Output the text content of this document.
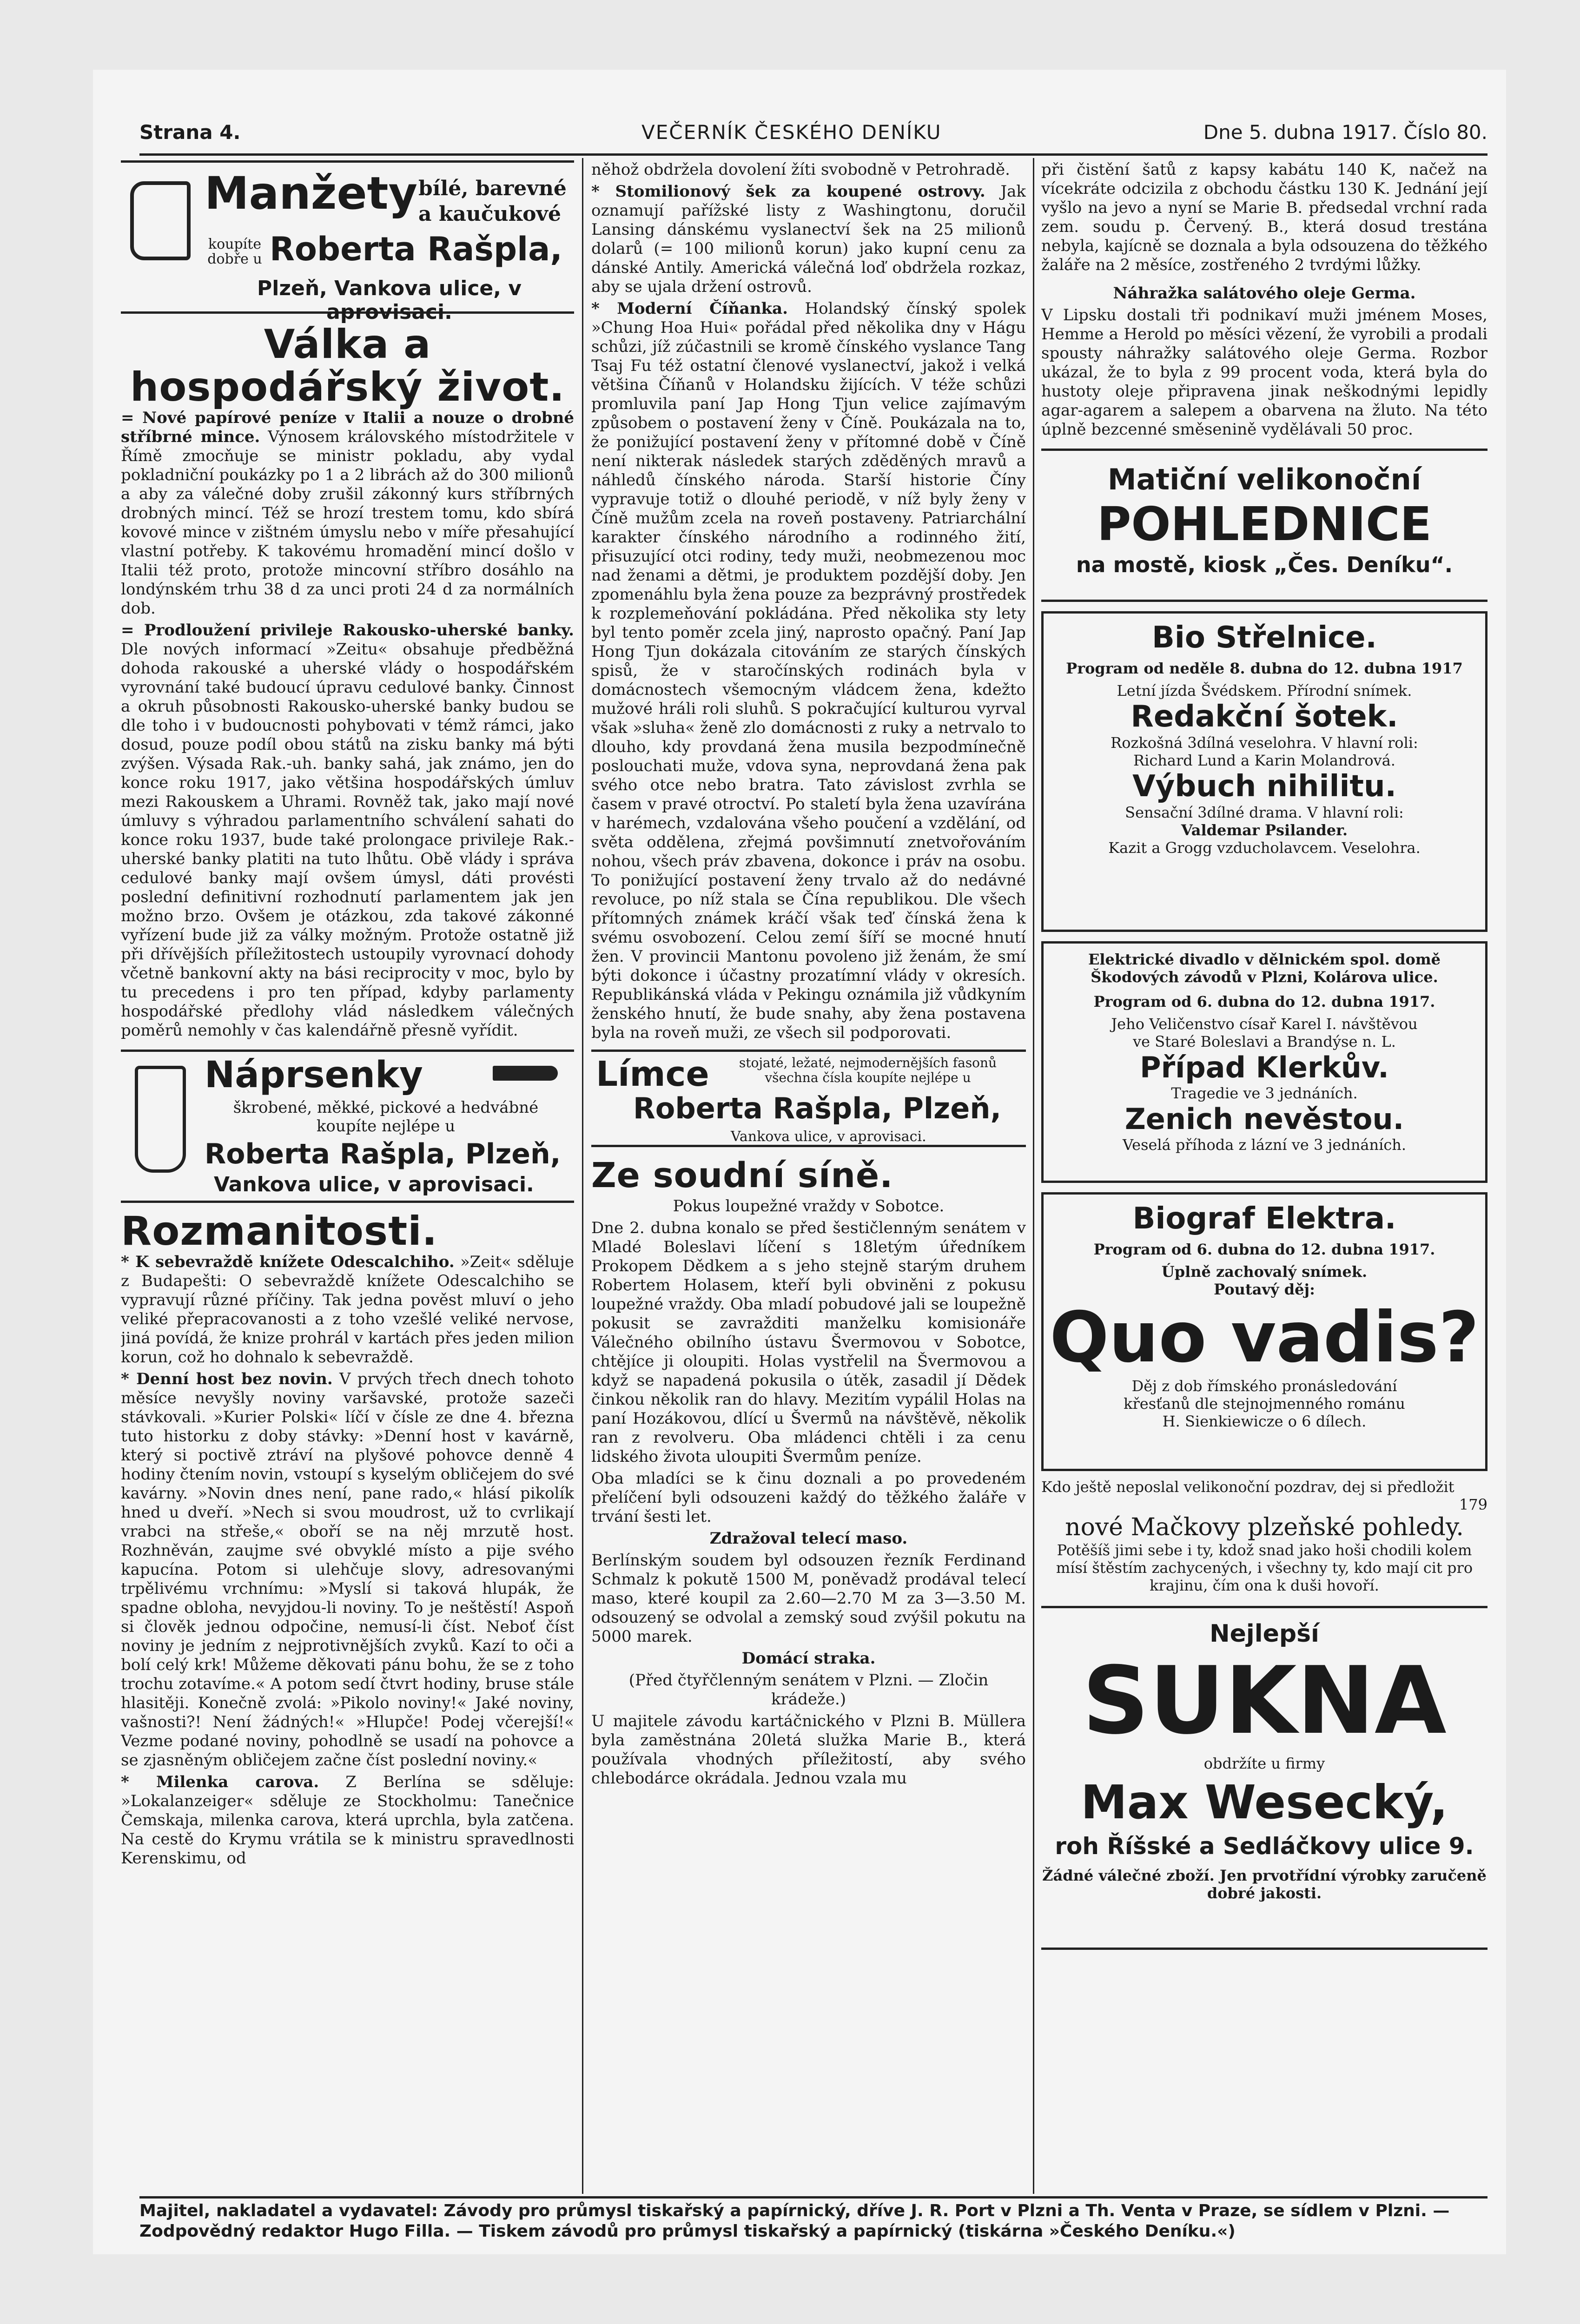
Strana 4.	VEČERNÍK ČESKÉHO DENÍKU	Dne 5. dubna 1917. Číslo 80.
Manžety bílé, barevné
a kaučukové
koupíte dobře u Roberta Rašpla,
Plzeň, Vankova ulice, v aprovisaci.
Válka a hospodářský život.

= Nové papírové peníze v Italii a nouze o drobné stříbrné mince. Výnosem královského místodržitele v Římě zmocňuje se ministr pokladu, aby vydal pokladniční poukázky po 1 a 2 librách až do 300 milionů a aby za válečné doby zrušil zákonný kurs stříbrných drobných mincí. Též se hrozí trestem tomu, kdo sbírá kovové mince v zištném úmyslu nebo v míře přesahující vlastní potřeby. K takovému hromadění mincí došlo v Italii též proto, protože mincovní stříbro dosáhlo na londýnském trhu 38 d za unci proti 24 d za normálních dob.

= Prodloužení privileje Rakousko-uherské banky. Dle nových informací »Zeitu« obsahuje předběžná dohoda rakouské a uherské vlády o hospodářském vyrovnání také budoucí úpravu cedulové banky. Činnost a okruh působnosti Rakousko-uherské banky budou se dle toho i v budoucnosti pohybovati v témž rámci, jako dosud, pouze podíl obou států na zisku banky má býti zvýšen. Výsada Rak.-uh. banky sahá, jak známo, jen do konce roku 1917, jako většina hospodářských úmluv mezi Rakouskem a Uhrami. Rovněž tak, jako mají nové úmluvy s výhradou parlamentního schválení sahati do konce roku 1937, bude také prolongace privileje Rak.-uherské banky platiti na tuto lhůtu. Obě vlády i správa cedulové banky mají ovšem úmysl, dáti provésti poslední definitivní rozhodnutí parlamentem jak jen možno brzo. Ovšem je otázkou, zda takové zákonné vyřízení bude již za války možným. Protože ostatně již při dřívějších příležitostech ustoupily vyrovnací dohody včetně bankovní akty na bási reciprocity v moc, bylo by tu precedens i pro ten případ, kdyby parlamenty hospodářské předlohy vlád následkem válečných poměrů nemohly v čas kalendářně přesně vyřídit.

Náprsenky
škrobené, měkké, pickové a hedvábné koupíte nejlépe u
Roberta Rašpla, Plzeň,
Vankova ulice, v aprovisaci.
Rozmanitosti.

* K sebevraždě knížete Odescalchiho. »Zeit« sděluje z Budapešti: O sebevraždě knížete Odescalchiho se vypravují různé příčiny. Tak jedna pověst mluví o jeho veliké přepracovanosti a z toho vzešlé veliké nervose, jiná povídá, že knize prohrál v kartách přes jeden milion korun, což ho dohnalo k sebevraždě.

* Denní host bez novin. V prvých třech dnech tohoto měsíce nevyšly noviny varšavské, protože sazeči stávkovali. »Kurier Polski« líčí v čísle ze dne 4. března tuto historku z doby stávky: »Denní host v kavárně, který si poctivě ztráví na plyšové pohovce denně 4 hodiny čtením novin, vstoupí s kyselým obličejem do své kavárny. »Novin dnes není, pane rado,« hlásí pikolík hned u dveří. »Nech si svou moudrost, už to cvrlikají vrabci na střeše,« oboří se na něj mrzutě host. Rozhněván, zaujme své obvyklé místo a pije svého kapucína. Potom si ulehčuje slovy, adresovanými trpělivému vrchnímu: »Myslí si taková hlupák, že spadne obloha, nevyjdou-li noviny. To je neštěstí! Aspoň si člověk jednou odpočine, nemusí-li číst. Neboť číst noviny je jedním z nejprotivnějších zvyků. Kazí to oči a bolí celý krk! Můžeme děkovati pánu bohu, že se z toho trochu zotavíme.« A potom sedí čtvrt hodiny, bruse stále hlasitěji. Konečně zvolá: »Pikolo noviny!« Jaké noviny, vašnosti?! Není žádných!« »Hlupče! Podej včerejší!« Vezme podané noviny, pohodlně se usadí na pohovce a se zjasněným obličejem začne číst poslední noviny.«

* Milenka carova. Z Berlína se sděluje: »Lokalanzeiger« sděluje ze Stockholmu: Tanečnice Čemskaja, milenka carova, která uprchla, byla zatčena. Na cestě do Krymu vrátila se k ministru spravedlnosti Kerenskimu, od

něhož obdržela dovolení žíti svobodně v Petrohradě.

* Stomilionový šek za koupené ostrovy. Jak oznamují pařížské listy z Washingtonu, doručil Lansing dánskému vyslanectví šek na 25 milionů dolarů (= 100 milionů korun) jako kupní cenu za dánské Antily. Americká válečná loď obdržela rozkaz, aby se ujala držení ostrovů.

* Moderní Číňanka. Holandský čínský spolek »Chung Hoa Hui« pořádal před několika dny v Hágu schůzi, jíž zúčastnili se kromě čínského vyslance Tang Tsaj Fu též ostatní členové vyslanectví, jakož i velká většina Číňanů v Holandsku žijících. V téže schůzi promluvila paní Jap Hong Tjun velice zajímavým způsobem o postavení ženy v Číně. Poukázala na to, že ponižující postavení ženy v přítomné době v Číně není nikterak následek starých zděděných mravů a náhledů čínského národa. Starší historie Číny vypravuje totiž o dlouhé periodě, v níž byly ženy v Číně mužům zcela na roveň postaveny. Patriarchální karakter čínského národního a rodinného žití, přisuzující otci rodiny, tedy muži, neobmezenou moc nad ženami a dětmi, je produktem pozdější doby. Jen zpomenáhlu byla žena pouze za bezprávný prostředek k rozplemeňování pokládána. Před několika sty lety byl tento poměr zcela jiný, naprosto opačný. Paní Jap Hong Tjun dokázala citováním ze starých čínských spisů, že v staročínských rodinách byla v domácnostech všemocným vládcem žena, kdežto mužové hráli roli sluhů. S pokračující kulturou vyrval však »sluha« ženě zlo domácnosti z ruky a netrvalo to dlouho, kdy provdaná žena musila bezpodmínečně poslouchati muže, vdova syna, neprovdaná žena pak svého otce nebo bratra. Tato závislost zvrhla se časem v pravé otroctví. Po staletí byla žena uzavírána v harémech, vzdalována všeho poučení a vzdělání, od světa oddělena, zřejmá povšimnutí znetvořováním nohou, všech práv zbavena, dokonce i práv na osobu. To ponižující postavení ženy trvalo až do nedávné revoluce, po níž stala se Čína republikou. Dle všech přítomných známek kráčí však teď čínská žena k svému osvobození. Celou zemí šíří se mocné hnutí žen. V provincii Mantonu povoleno již ženám, že smí býti dokonce i účastny prozatímní vlády v okresích. Republikánská vláda v Pekingu oznámila již vůdkyním ženského hnutí, že bude snahy, aby žena postavena byla na roveň muži, ze všech sil podporovati.

Límce	stojaté, ležaté, nejmodernějších fasonů všechna čísla koupíte nejlépe u
Roberta Rašpla, Plzeň,
Vankova ulice, v aprovisaci.
Ze soudní síně.

Pokus loupežné vraždy v Sobotce.

Dne 2. dubna konalo se před šestičlenným senátem v Mladé Boleslavi líčení s 18letým úředníkem Prokopem Dědkem a s jeho stejně starým druhem Robertem Holasem, kteří byli obviněni z pokusu loupežné vraždy. Oba mladí pobudové jali se loupežně pokusit se zavražditi manželku komisionáře Válečného obilního ústavu Švermovou v Sobotce, chtějíce ji oloupiti. Holas vystřelil na Švermovou a když se napadená pokusila o útěk, zasadil jí Dědek činkou několik ran do hlavy. Mezitím vypálil Holas na paní Hozákovou, dlící u Švermů na návštěvě, několik ran z revolveru. Oba mládenci chtěli i za cenu lidského života uloupiti Švermům peníze.

Oba mladíci se k činu doznali a po provedeném přelíčení byli odsouzeni každý do těžkého žaláře v trvání šesti let.

Zdražoval telecí maso.

Berlínským soudem byl odsouzen řezník Ferdinand Schmalz k pokutě 1500 M, poněvadž prodával telecí maso, které koupil za 2.60—2.70 M za 3—3.50 M. odsouzený se odvolal a zemský soud zvýšil pokutu na 5000 marek.

Domácí straka.

(Před čtyřčlenným senátem v Plzni. — Zločin krádeže.)

U majitele závodu kartáčnického v Plzni B. Müllera byla zaměstnána 20letá služka Marie B., která používala vhodných příležitostí, aby svého chlebodárce okrádala. Jednou vzala mu

při čistění šatů z kapsy kabátu 140 K, načež na vícekráte odcizila z obchodu částku 130 K. Jednání její vyšlo na jevo a nyní se Marie B. předsedal vrchní rada zem. soudu p. Červený. B., která dosud trestána nebyla, kajícně se doznala a byla odsouzena do těžkého žaláře na 2 měsíce, zostřeného 2 tvrdými lůžky.

Náhražka salátového oleje Germa.

V Lipsku dostali tři podnikaví muži jménem Moses, Hemme a Herold po měsíci vězení, že vyrobili a prodali spousty náhražky salátového oleje Germa. Rozbor ukázal, že to byla z 99 procent voda, která byla do hustoty oleje připravena jinak neškodnými lepidly agar-agarem a salepem a obarvena na žluto. Na této úplně bezcenné směsenině vydělávali 50 proc.

Matiční velikonoční
POHLEDNICE
na mostě, kiosk „Čes. Deníku“.
Bio Střelnice.
Program od neděle 8. dubna do 12. dubna 1917
Letní jízda Švédskem. Přírodní snímek.
Redakční šotek.
Rozkošná 3dílná veselohra. V hlavní roli:
Richard Lund a Karin Molandrová.
Výbuch nihilitu.
Sensační 3dílné drama. V hlavní roli:
Valdemar Psilander.
Kazit a Grogg vzducholavcem. Veselohra.
Elektrické divadlo v dělnickém spol. domě
Škodových závodů v Plzni, Kolárova ulice.
Program od 6. dubna do 12. dubna 1917.
Jeho Veličenstvo císař Karel I. návštěvou
ve Staré Boleslavi a Brandýse n. L.
Případ Klerkův.
Tragedie ve 3 jednáních.
Zenich nevěstou.
Veselá příhoda z lázní ve 3 jednáních.
Biograf Elektra.
Program od 6. dubna do 12. dubna 1917.
Úplně zachovalý snímek.
Poutavý děj:
Quo vadis?
Děj z dob římského pronásledování
křesťanů dle stejnojmenného románu
H. Sienkiewicze o 6 dílech.
Kdo ještě neposlal velikonoční pozdrav, dej si předložit
179
nové Mačkovy plzeňské pohledy.
Potěšíš jimi sebe i ty, kdož snad jako hoši chodili kolem mísí štěstím zachycených, i všechny ty, kdo mají cit pro krajinu, čím ona k duši hovoří.
Nejlepší
SUKNA
obdržíte u firmy
Max Wesecký,
roh Říšské a Sedláčkovy ulice 9.
Žádné válečné zboží. Jen prvotřídní výrobky zaručeně dobré jakosti.
Majitel, nakladatel a vydavatel: Závody pro průmysl tiskařský a papírnický, dříve J. R. Port v Plzni a Th. Venta v Praze, se sídlem v Plzni. — Zodpovědný redaktor Hugo Filla. — Tiskem závodů pro průmysl tiskařský a papírnický (tiskárna »Českého Deníku.«)
